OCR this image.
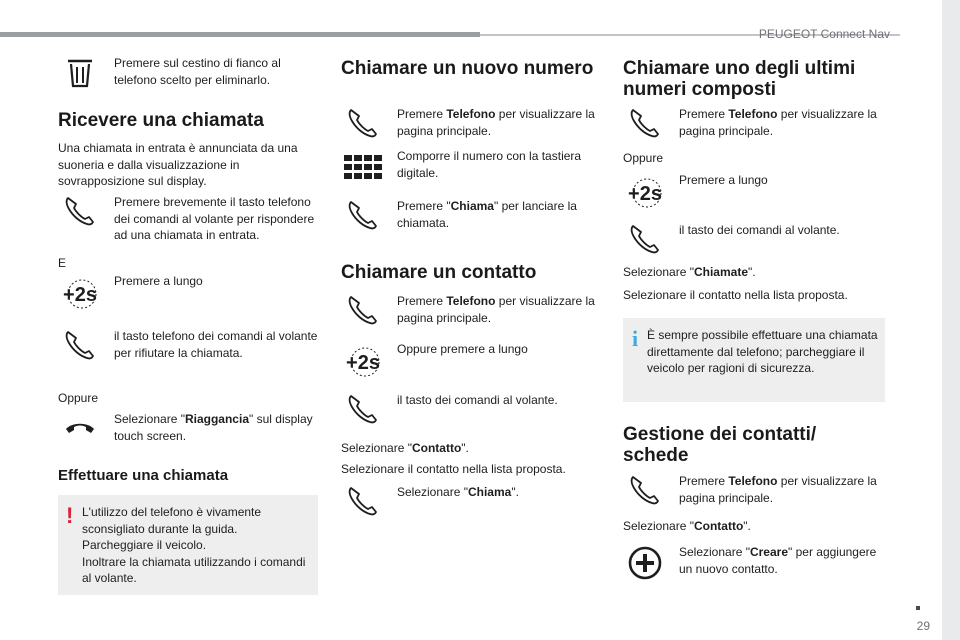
PEUGEOT Connect Nav
29
Premere sul cestino di fianco al telefono scelto per eliminarlo.
Ricevere una chiamata
Una chiamata in entrata è annunciata da una suoneria e dalla visualizzazione in sovrapposizione sul display.
Premere brevemente il tasto telefono dei comandi al volante per rispondere ad una chiamata in entrata.
E
+2s
Premere a lungo
il tasto telefono dei comandi al volante per rifiutare la chiamata.
Oppure
Selezionare "Riaggancia" sul display touch screen.
Effettuare una chiamata
! L'utilizzo del telefono è vivamente sconsigliato durante la guida.
Parcheggiare il veicolo.
Inoltrare la chiamata utilizzando i comandi al volante.
Chiamare un nuovo numero
Premere Telefono per visualizzare la pagina principale.
Comporre il numero con la tastiera digitale.
Premere "Chiama" per lanciare la chiamata.
Chiamare un contatto
Premere Telefono per visualizzare la pagina principale.
+2s
Oppure premere a lungo
il tasto dei comandi al volante.
Selezionare "Contatto".
Selezionare il contatto nella lista proposta.
Selezionare "Chiama".
Chiamare uno degli ultimi numeri composti
Premere Telefono per visualizzare la pagina principale.
Oppure
+2s
Premere a lungo
il tasto dei comandi al volante.
Selezionare "Chiamate".
Selezionare il contatto nella lista proposta.
i È sempre possibile effettuare una chiamata direttamente dal telefono; parcheggiare il veicolo per ragioni di sicurezza.
Gestione dei contatti/ schede
Premere Telefono per visualizzare la pagina principale.
Selezionare "Contatto".
Selezionare "Creare" per aggiungere un nuovo contatto.
